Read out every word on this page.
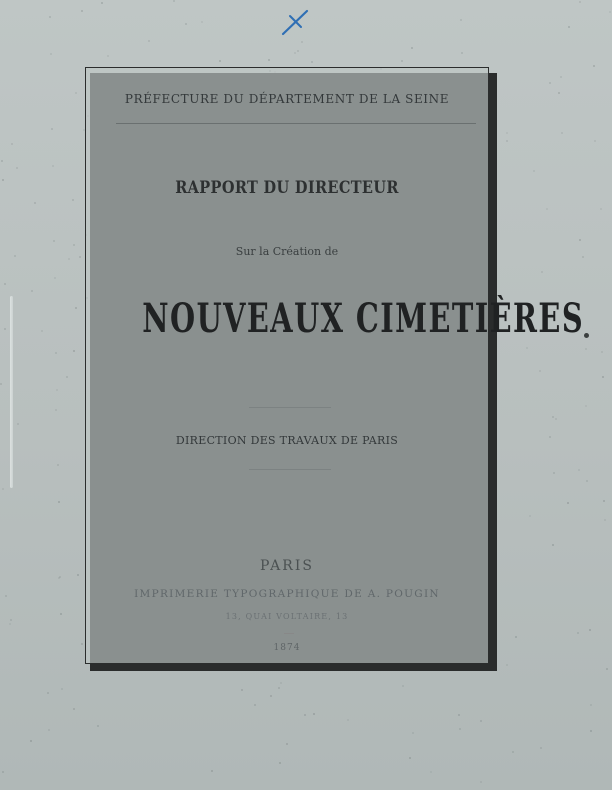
PRÉFECTURE DU DÉPARTEMENT DE LA SEINE
RAPPORT DU DIRECTEUR
Sur la Création de
NOUVEAUX CIMETIÈRES
DIRECTION DES TRAVAUX DE PARIS
PARIS
IMPRIMERIE TYPOGRAPHIQUE DE A. POUGIN
13, QUAI VOLTAIRE, 13
1874
